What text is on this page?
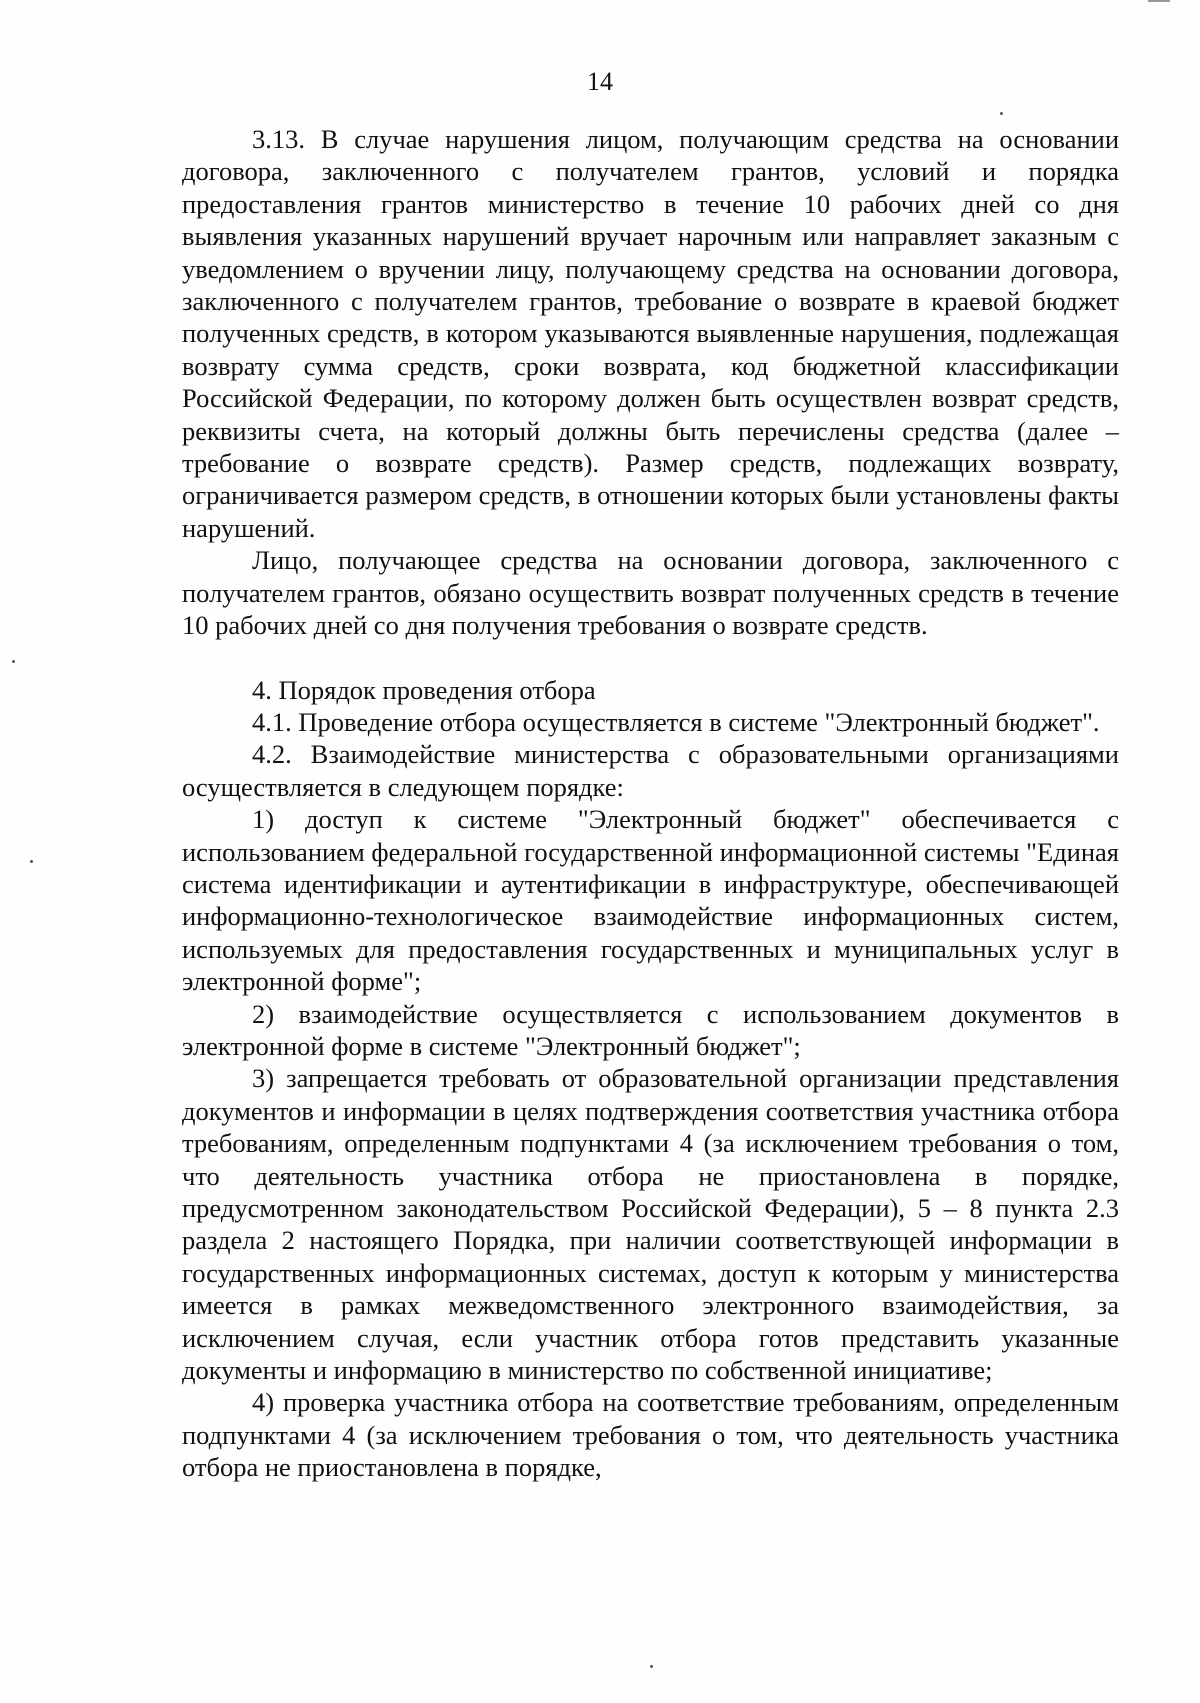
14

3.13. В случае нарушения лицом, получающим средства на основании договора, заключенного с получателем грантов, условий и порядка предоставления грантов министерство в течение 10 рабочих дней со дня выявления указанных нарушений вручает нарочным или направляет заказным с уведомлением о вручении лицу, получающему средства на основании договора, заключенного с получателем грантов, требование о возврате в краевой бюджет полученных средств, в котором указываются выявленные нарушения, подлежащая возврату сумма средств, сроки возврата, код бюджетной классификации Российской Федерации, по которому должен быть осуществлен возврат средств, реквизиты счета, на который должны быть перечислены средства (далее – требование о возврате средств). Размер средств, подлежащих возврату, ограничивается размером средств, в отношении которых были установлены факты нарушений.

Лицо, получающее средства на основании договора, заключенного с получателем грантов, обязано осуществить возврат полученных средств в течение 10 рабочих дней со дня получения требования о возврате средств.

4. Порядок проведения отбора

4.1. Проведение отбора осуществляется в системе "Электронный бюджет".

4.2. Взаимодействие министерства с образовательными организациями осуществляется в следующем порядке:

1) доступ к системе "Электронный бюджет" обеспечивается с использованием федеральной государственной информационной системы "Единая система идентификации и аутентификации в инфраструктуре, обеспечивающей информационно-технологическое взаимодействие информационных систем, используемых для предоставления государственных и муниципальных услуг в электронной форме";

2) взаимодействие осуществляется с использованием документов в электронной форме в системе "Электронный бюджет";

3) запрещается требовать от образовательной организации представления документов и информации в целях подтверждения соответствия участника отбора требованиям, определенным подпунктами 4 (за исключением требования о том, что деятельность участника отбора не приостановлена в порядке, предусмотренном законодательством Российской Федерации), 5 – 8 пункта 2.3 раздела 2 настоящего Порядка, при наличии соответствующей информации в государственных информационных системах, доступ к которым у министерства имеется в рамках межведомственного электронного взаимодействия, за исключением случая, если участник отбора готов представить указанные документы и информацию в министерство по собственной инициативе;

4) проверка участника отбора на соответствие требованиям, определенным подпунктами 4 (за исключением требования о том, что деятельность участника отбора не приостановлена в порядке,
